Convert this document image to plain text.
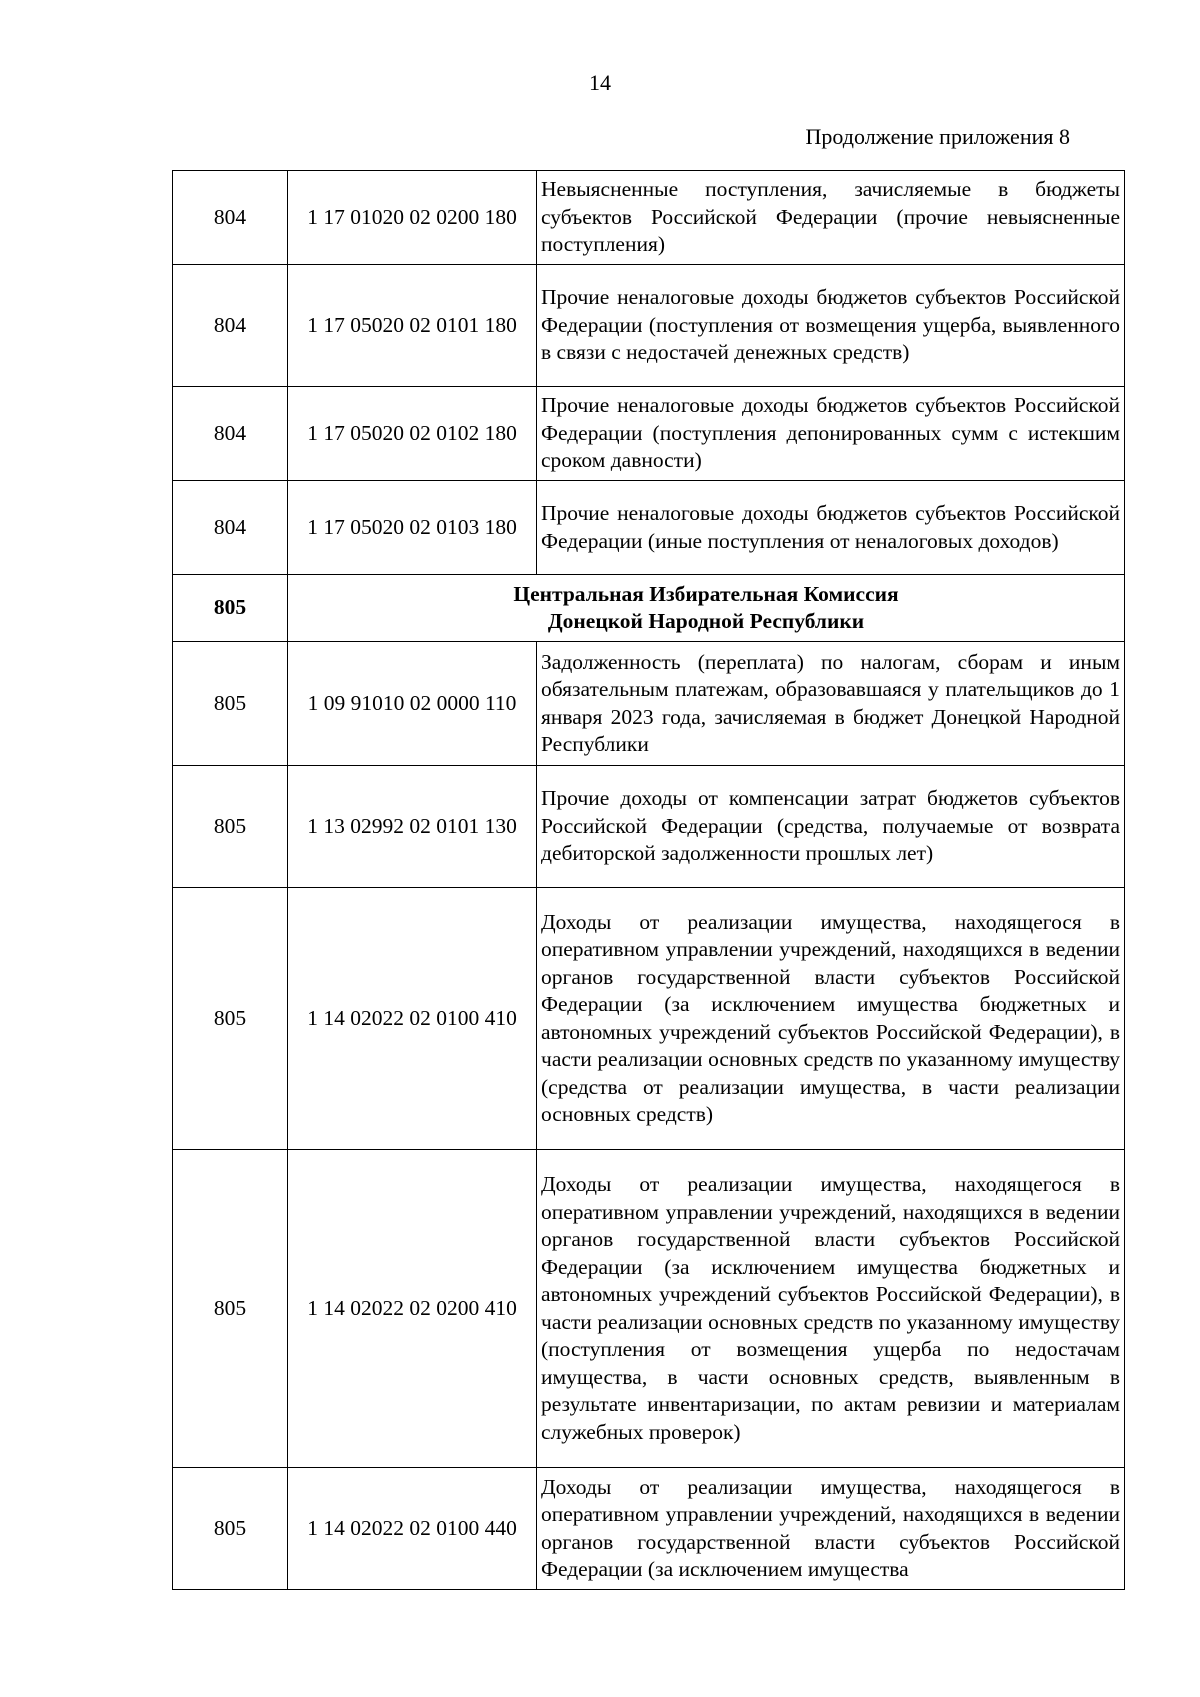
14
Продолжение приложения 8
804	1 17 01020 02 0200 180	Невыясненные поступления, зачисляемые в бюджеты субъектов Российской Федерации (прочие невыясненные поступления)
804	1 17 05020 02 0101 180	Прочие неналоговые доходы бюджетов субъектов Российской Федерации (поступления от возмещения ущерба, выявленного в связи с недостачей денежных средств)
804	1 17 05020 02 0102 180	Прочие неналоговые доходы бюджетов субъектов Российской Федерации (поступления депонированных сумм с истекшим сроком давности)
804	1 17 05020 02 0103 180	Прочие неналоговые доходы бюджетов субъектов Российской Федерации (иные поступления от неналоговых доходов)
805	Центральная Избирательная Комиссия
Донецкой Народной Республики	

805	1 09 91010 02 0000 110	Задолженность (переплата) по налогам, сборам и иным обязательным платежам, образовавшаяся у плательщиков до 1 января 2023 года, зачисляемая в бюджет Донецкой Народной Республики
805	1 13 02992 02 0101 130	Прочие доходы от компенсации затрат бюджетов субъектов Российской Федерации (средства, получаемые от возврата дебиторской задолженности прошлых лет)
805	1 14 02022 02 0100 410	Доходы от реализации имущества, находящегося в оперативном управлении учреждений, находящихся в ведении органов государственной власти субъектов Российской Федерации (за исключением имущества бюджетных и автономных учреждений субъектов Российской Федерации), в части реализации основных средств по указанному имуществу (средства от реализации имущества, в части реализации основных средств)
805	1 14 02022 02 0200 410	Доходы от реализации имущества, находящегося в оперативном управлении учреждений, находящихся в ведении органов государственной власти субъектов Российской Федерации (за исключением имущества бюджетных и автономных учреждений субъектов Российской Федерации), в части реализации основных средств по указанному имуществу (поступления от возмещения ущерба по недостачам имущества, в части основных средств, выявленным в результате инвентаризации, по актам ревизии и материалам служебных проверок)
805	1 14 02022 02 0100 440	Доходы от реализации имущества, находящегося в оперативном управлении учреждений, находящихся в ведении органов государственной власти субъектов Российской Федерации (за исключением имущества
